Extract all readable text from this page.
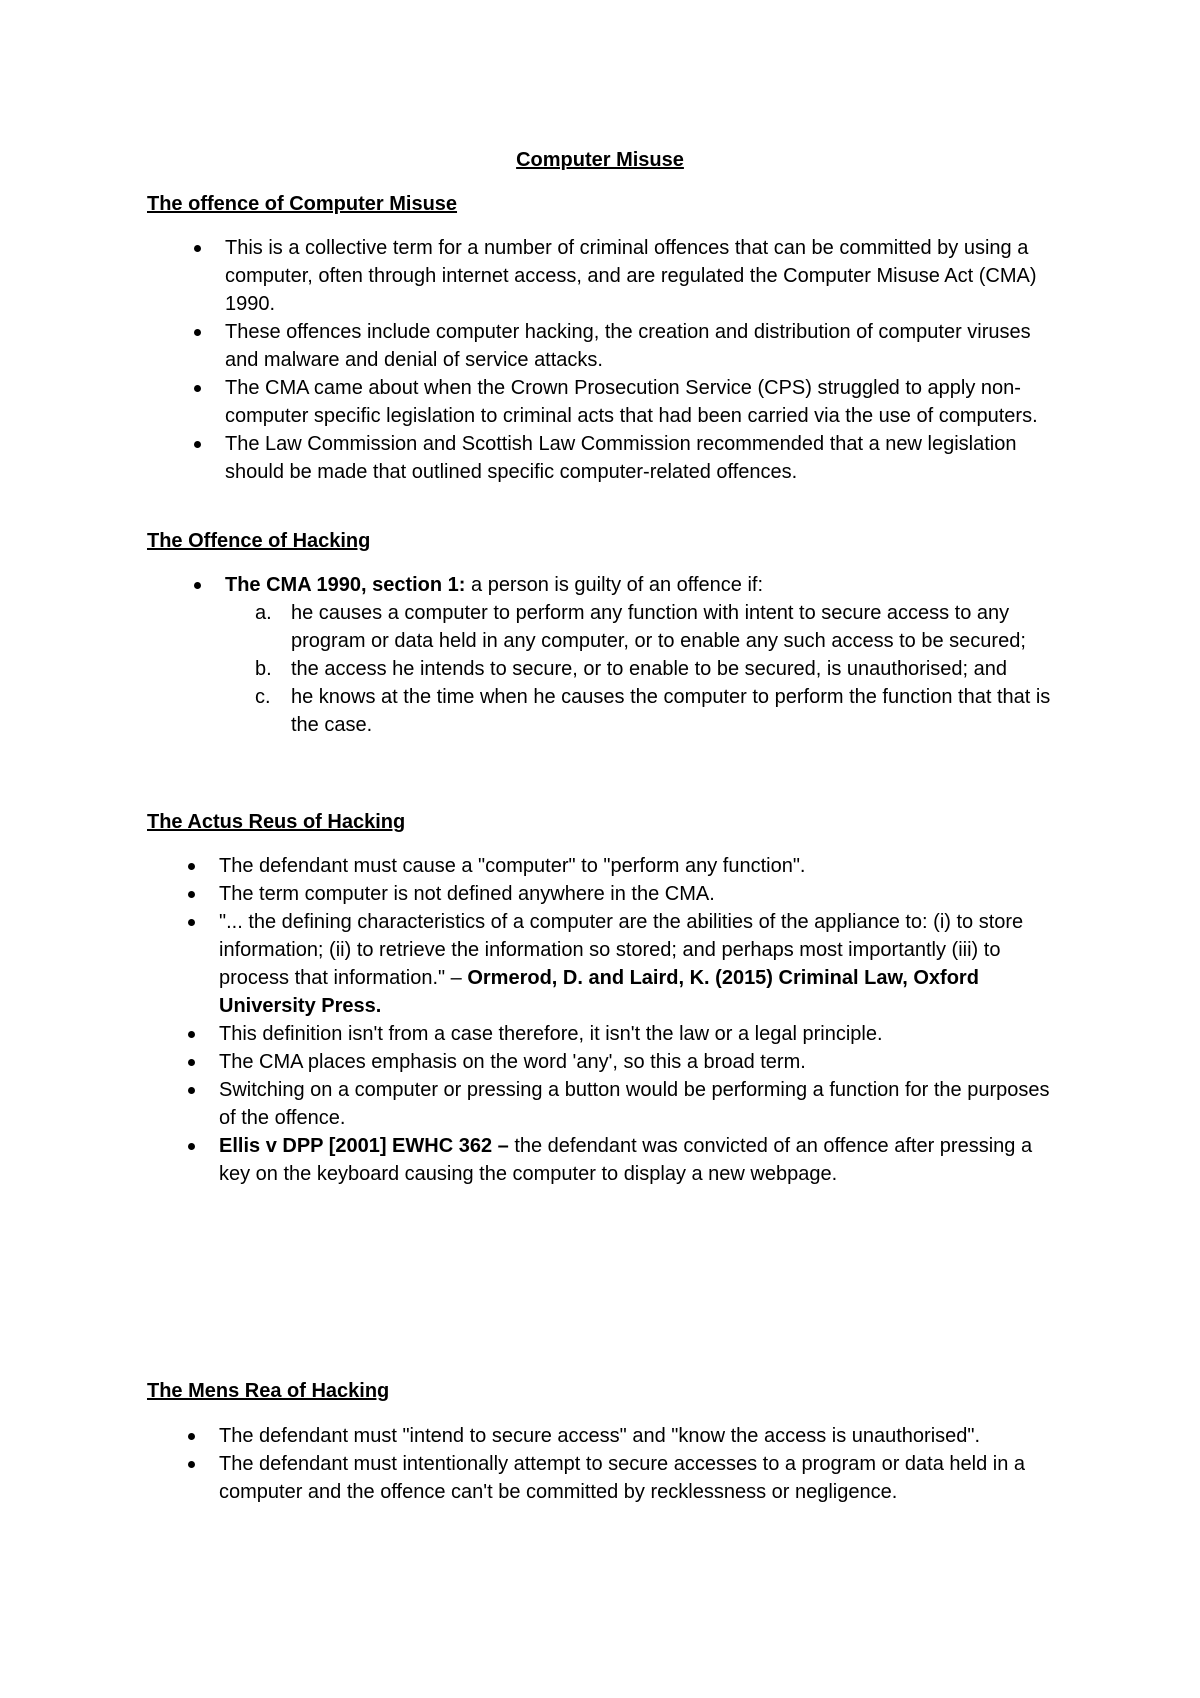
Computer Misuse
The offence of Computer Misuse
This is a collective term for a number of criminal offences that can be committed by using a computer, often through internet access, and are regulated the Computer Misuse Act (CMA) 1990.
These offences include computer hacking, the creation and distribution of computer viruses and malware and denial of service attacks.
The CMA came about when the Crown Prosecution Service (CPS) struggled to apply non-computer specific legislation to criminal acts that had been carried via the use of computers.
The Law Commission and Scottish Law Commission recommended that a new legislation should be made that outlined specific computer-related offences.
The Offence of Hacking
The CMA 1990, section 1: a person is guilty of an offence if:
a. he causes a computer to perform any function with intent to secure access to any program or data held in any computer, or to enable any such access to be secured;
b. the access he intends to secure, or to enable to be secured, is unauthorised; and
c. he knows at the time when he causes the computer to perform the function that that is the case.
The Actus Reus of Hacking
The defendant must cause a "computer" to "perform any function".
The term computer is not defined anywhere in the CMA.
"... the defining characteristics of a computer are the abilities of the appliance to: (i) to store information; (ii) to retrieve the information so stored; and perhaps most importantly (iii) to process that information." – Ormerod, D. and Laird, K. (2015) Criminal Law, Oxford University Press.
This definition isn't from a case therefore, it isn't the law or a legal principle.
The CMA places emphasis on the word 'any', so this a broad term.
Switching on a computer or pressing a button would be performing a function for the purposes of the offence.
Ellis v DPP [2001] EWHC 362 – the defendant was convicted of an offence after pressing a key on the keyboard causing the computer to display a new webpage.
The Mens Rea of Hacking
The defendant must "intend to secure access" and "know the access is unauthorised".
The defendant must intentionally attempt to secure accesses to a program or data held in a computer and the offence can't be committed by recklessness or negligence.
